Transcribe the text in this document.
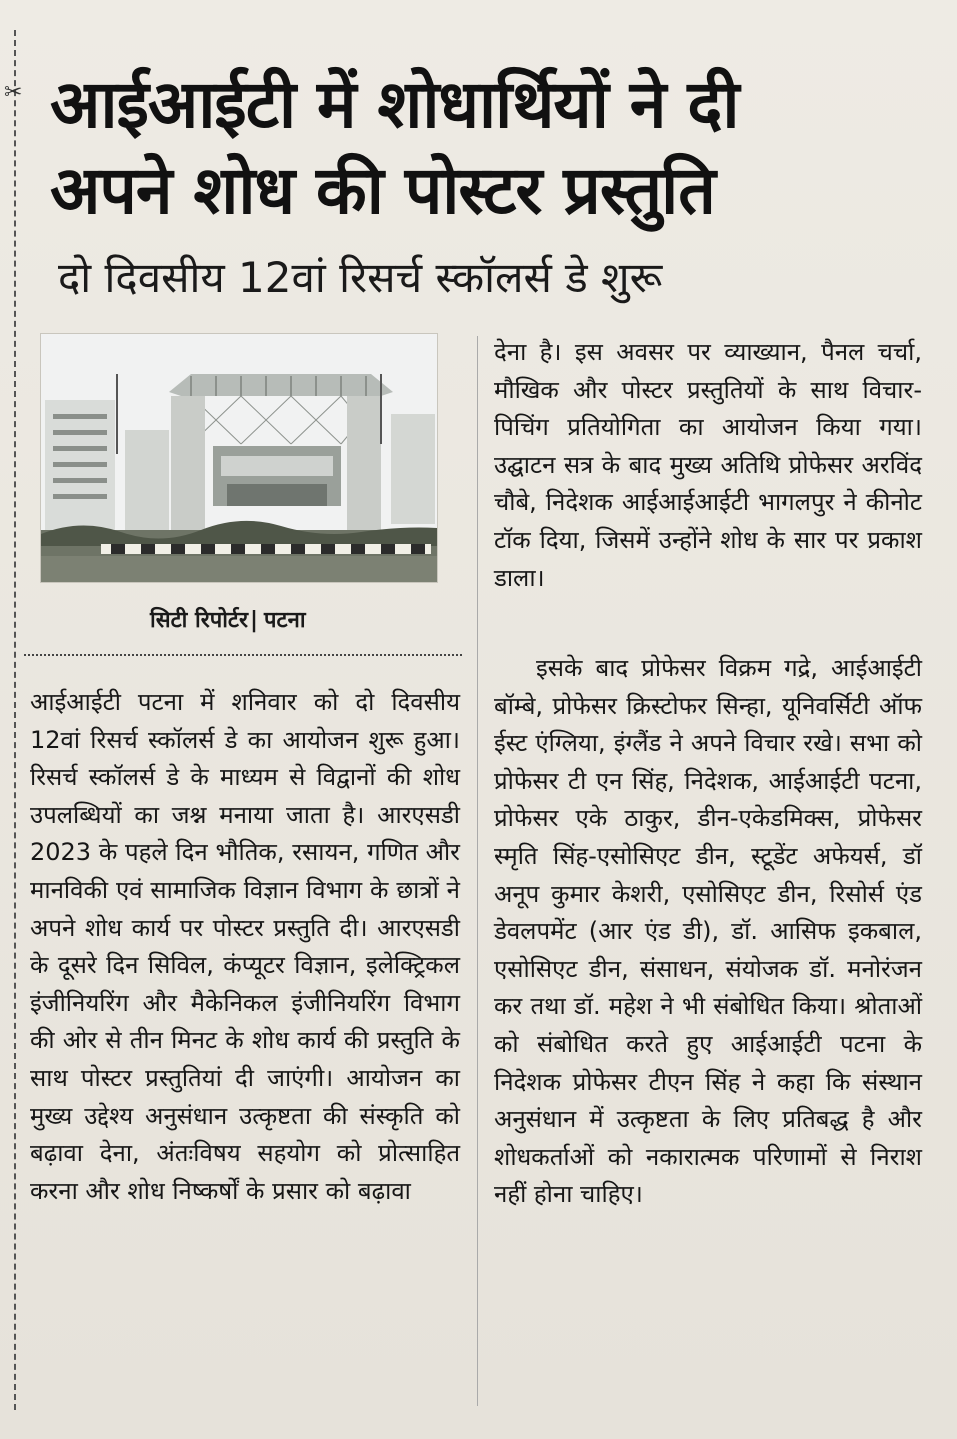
✂ आईआईटी में शोधार्थियों ने दी
अपने शोध की पोस्टर प्रस्तुति
दो दिवसीय 12वां रिसर्च स्कॉलर्स डे शुरू
सिटी रिपोर्टर| पटना

आईआईटी पटना में शनिवार को दो दिवसीय 12वां रिसर्च स्कॉलर्स डे का आयोजन शुरू हुआ। रिसर्च स्कॉलर्स डे के माध्यम से विद्वानों की शोध उपलब्धियों का जश्न मनाया जाता है। आरएसडी 2023 के पहले दिन भौतिक, रसायन, गणित और मानविकी एवं सामाजिक विज्ञान विभाग के छात्रों ने अपने शोध कार्य पर पोस्टर प्रस्तुति दी। आरएसडी के दूसरे दिन सिविल, कंप्यूटर विज्ञान, इलेक्ट्रिकल इंजीनियरिंग और मैकेनिकल इंजीनियरिंग विभाग की ओर से तीन मिनट के शोध कार्य की प्रस्तुति के साथ पोस्टर प्रस्तुतियां दी जाएंगी। आयोजन का मुख्य उद्देश्य अनुसंधान उत्कृष्टता की संस्कृति को बढ़ावा देना, अंतःविषय सहयोग को प्रोत्साहित करना और शोध निष्कर्षों के प्रसार को बढ़ावा

देना है। इस अवसर पर व्याख्यान, पैनल चर्चा, मौखिक और पोस्टर प्रस्तुतियों के साथ विचार-पिचिंग प्रतियोगिता का आयोजन किया गया। उद्घाटन सत्र के बाद मुख्य अतिथि प्रोफेसर अरविंद चौबे, निदेशक आईआईआईटी भागलपुर ने कीनोट टॉक दिया, जिसमें उन्होंने शोध के सार पर प्रकाश डाला।

इसके बाद प्रोफेसर विक्रम गद्रे, आईआईटी बॉम्बे, प्रोफेसर क्रिस्टोफर सिन्हा, यूनिवर्सिटी ऑफ ईस्ट एंग्लिया, इंग्लैंड ने अपने विचार रखे। सभा को प्रोफेसर टी एन सिंह, निदेशक, आईआईटी पटना, प्रोफेसर एके ठाकुर, डीन-एकेडमिक्स, प्रोफेसर स्मृति सिंह-एसोसिएट डीन, स्टूडेंट अफेयर्स, डॉ अनूप कुमार केशरी, एसोसिएट डीन, रिसोर्स एंड डेवलपमेंट (आर एंड डी), डॉ. आसिफ इकबाल, एसोसिएट डीन, संसाधन, संयोजक डॉ. मनोरंजन कर तथा डॉ. महेश ने भी संबोधित किया। श्रोताओं को संबोधित करते हुए आईआईटी पटना के निदेशक प्रोफेसर टीएन सिंह ने कहा कि संस्थान अनुसंधान में उत्कृष्टता के लिए प्रतिबद्ध है और शोधकर्ताओं को नकारात्मक परिणामों से निराश नहीं होना चाहिए।
